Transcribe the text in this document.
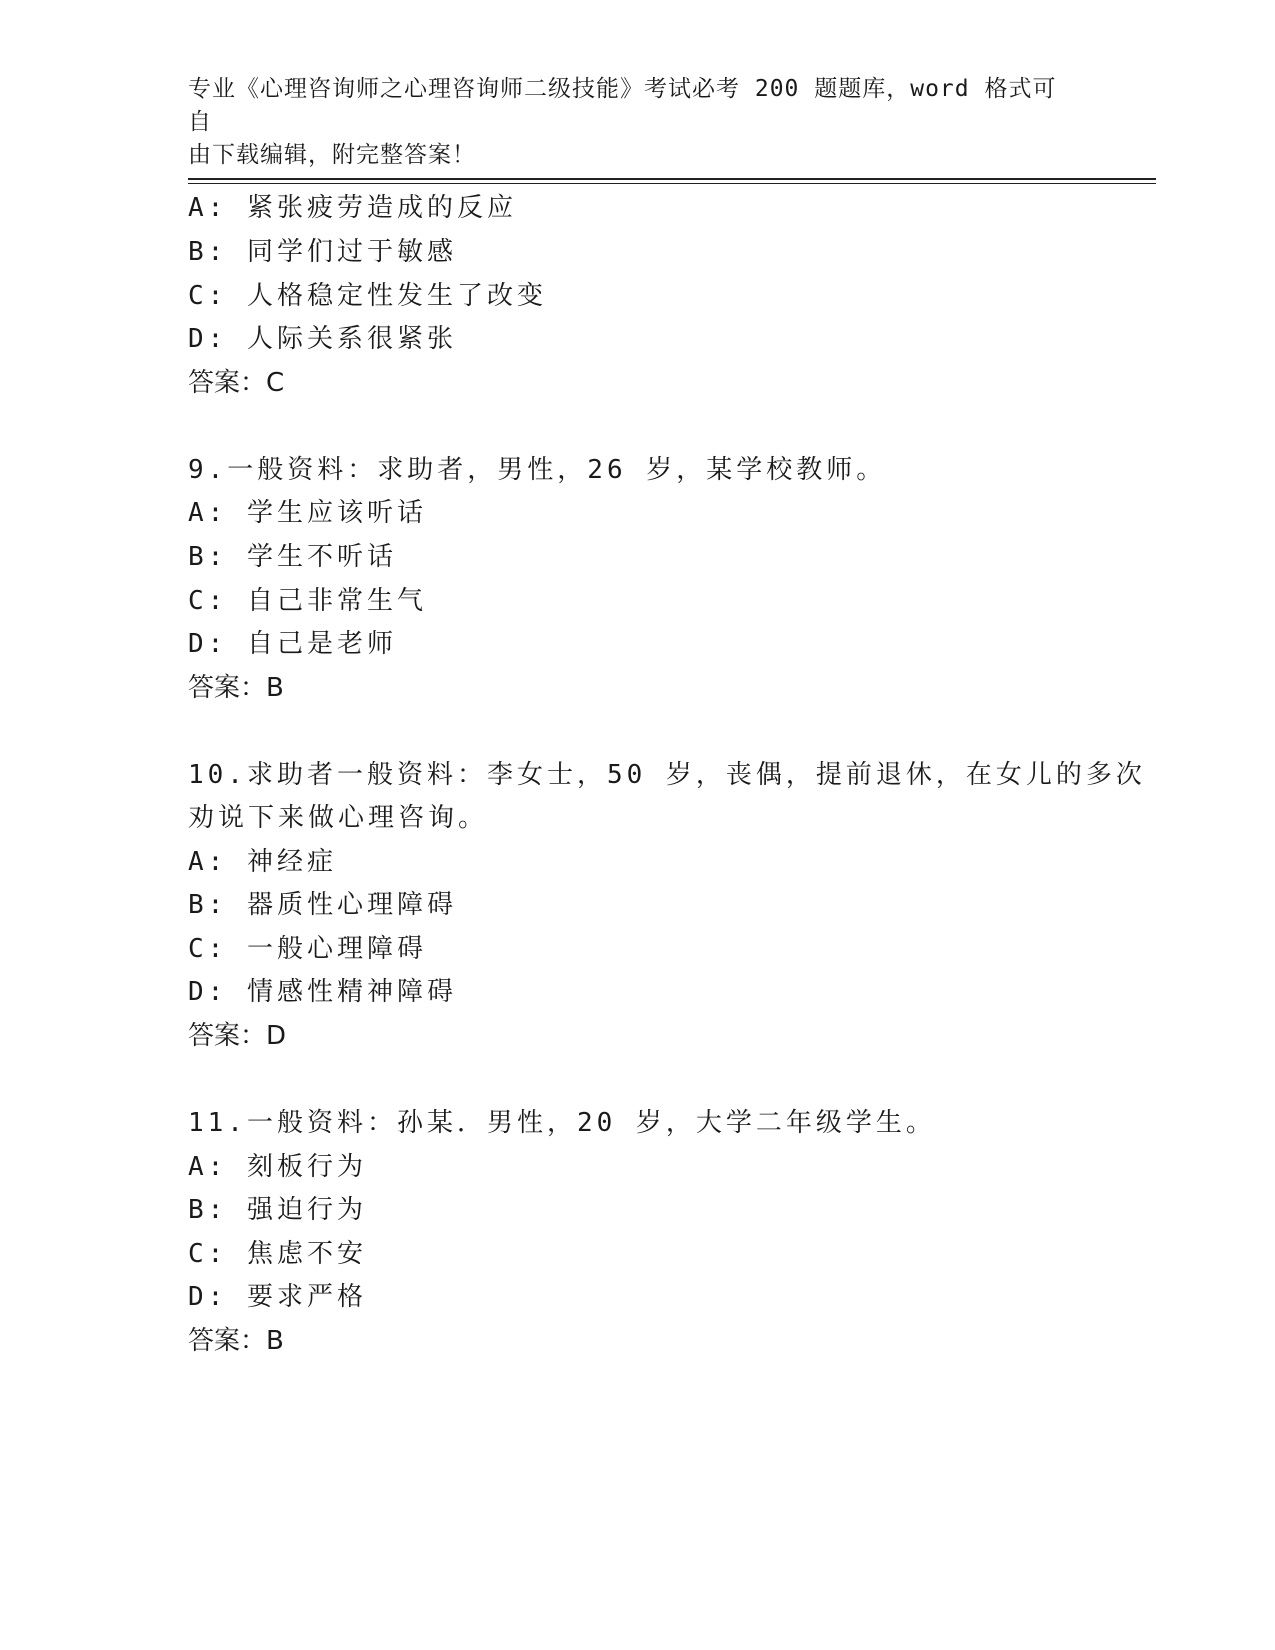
专业《心理咨询师之心理咨询师二级技能》考试必考 200 题题库，word 格式可自
由下载编辑，附完整答案！
A: 紧张疲劳造成的反应
B: 同学们过于敏感
C: 人格稳定性发生了改变
D: 人际关系很紧张
答案：C
9.一般资料：求助者，男性，26 岁，某学校教师。
A: 学生应该听话
B: 学生不听话
C: 自己非常生气
D: 自己是老师
答案：B
10.求助者一般资料：李女士，50 岁，丧偶，提前退休，在女儿的多次
劝说下来做心理咨询。
A: 神经症
B: 器质性心理障碍
C: 一般心理障碍
D: 情感性精神障碍
答案：D
11.一般资料：孙某．男性，20 岁，大学二年级学生。
A: 刻板行为
B: 强迫行为
C: 焦虑不安
D: 要求严格
答案：B
